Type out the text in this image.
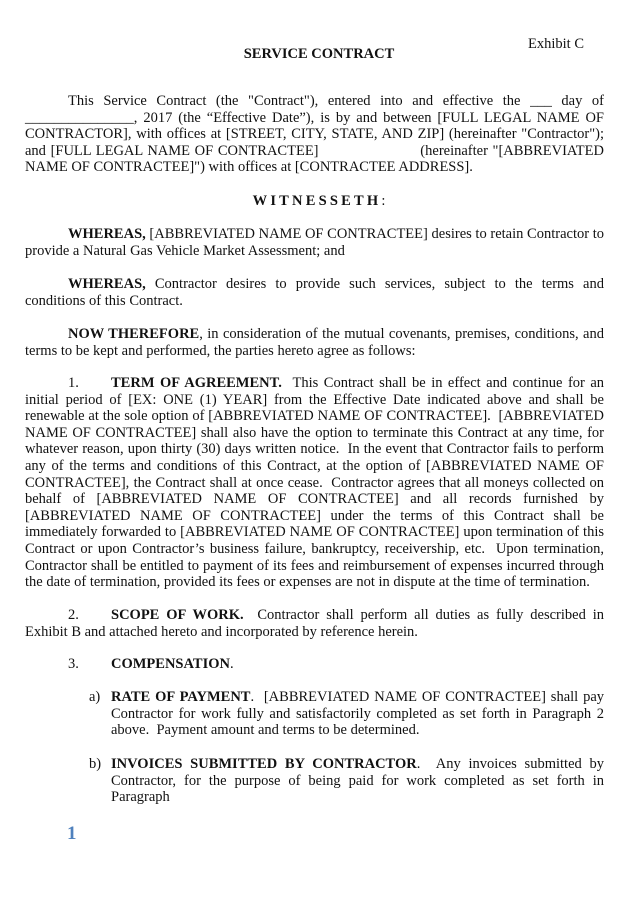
Exhibit C
SERVICE CONTRACT
This Service Contract (the "Contract"), entered into and effective the ___ day of _______________, 2017 (the “Effective Date”), is by and between [FULL LEGAL NAME OF CONTRACTOR], with offices at [STREET, CITY, STATE, AND ZIP] (hereinafter "Contractor"); and [FULL LEGAL NAME OF CONTRACTEE]                      (hereinafter "[ABBREVIATED NAME OF CONTRACTEE]") with offices at [CONTRACTEE ADDRESS].
WITNESSETH:
WHEREAS, [ABBREVIATED NAME OF CONTRACTEE] desires to retain Contractor to provide a Natural Gas Vehicle Market Assessment; and
WHEREAS, Contractor desires to provide such services, subject to the terms and conditions of this Contract.
NOW THEREFORE, in consideration of the mutual covenants, premises, conditions, and terms to be kept and performed, the parties hereto agree as follows:
1. TERM OF AGREEMENT.  This Contract shall be in effect and continue for an initial period of [EX: ONE (1) YEAR] from the Effective Date indicated above and shall be renewable at the sole option of [ABBREVIATED NAME OF CONTRACTEE].  [ABBREVIATED NAME OF CONTRACTEE] shall also have the option to terminate this Contract at any time, for whatever reason, upon thirty (30) days written notice.  In the event that Contractor fails to perform any of the terms and conditions of this Contract, at the option of [ABBREVIATED NAME OF CONTRACTEE], the Contract shall at once cease.  Contractor agrees that all moneys collected on behalf of [ABBREVIATED NAME OF CONTRACTEE] and all records furnished by [ABBREVIATED NAME OF CONTRACTEE] under the terms of this Contract shall be immediately forwarded to [ABBREVIATED NAME OF CONTRACTEE] upon termination of this Contract or upon Contractor’s business failure, bankruptcy, receivership, etc.  Upon termination, Contractor shall be entitled to payment of its fees and reimbursement of expenses incurred through the date of termination, provided its fees or expenses are not in dispute at the time of termination.
2. SCOPE OF WORK.  Contractor shall perform all duties as fully described in Exhibit B and attached hereto and incorporated by reference herein.
3. COMPENSATION.
a) RATE OF PAYMENT.  [ABBREVIATED NAME OF CONTRACTEE] shall pay Contractor for work fully and satisfactorily completed as set forth in Paragraph 2 above.  Payment amount and terms to be determined.
b) INVOICES SUBMITTED BY CONTRACTOR.  Any invoices submitted by Contractor, for the purpose of being paid for work completed as set forth in Paragraph
1
